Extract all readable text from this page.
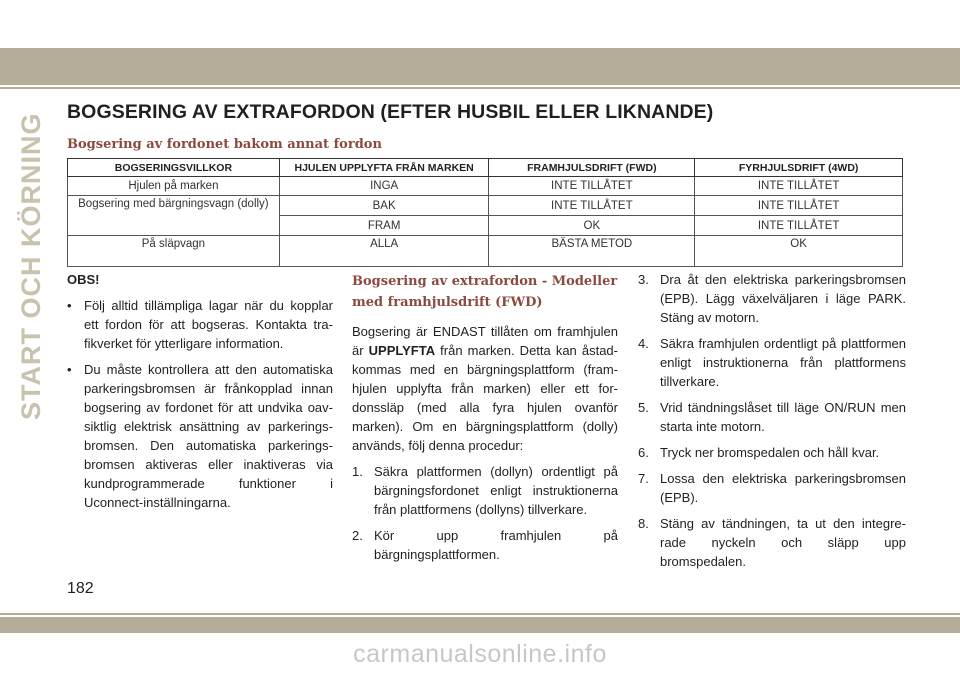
START OCH KÖRNING
BOGSERING AV EXTRAFORDON (EFTER HUSBIL ELLER LIKNANDE)
Bogsering av fordonet bakom annat fordon
BOGSERINGSVILLKOR	HJULEN UPPLYFTA FRÅN MARKEN	FRAMHJULSDRIFT (FWD)	FYRHJULSDRIFT (4WD)
Hjulen på marken	INGA	INTE TILLÅTET	INTE TILLÅTET
Bogsering med bärgningsvagn (dolly)	BAK	INTE TILLÅTET	INTE TILLÅTET
	FRAM	OK	INTE TILLÅTET
På släpvagn	ALLA	BÄSTA METOD	OK
OBS!
• Följ alltid tillämpliga lagar när du kopplar ett fordon för att bogseras. Kontakta trafikverket för ytterligare information.
• Du måste kontrollera att den automatiska parkeringsbromsen är frånkopplad innan bogsering av fordonet för att undvika oavsiktlig elektrisk ansättning av parkeringsbromsen. Den automatiska parkeringsbromsen aktiveras eller inaktiveras via kundprogrammerade funktioner i Uconnect-inställningarna.
Bogsering av extrafordon - Modeller med framhjulsdrift (FWD)
Bogsering är ENDAST tillåten om framhjulen är UPPLYFTA från marken. Detta kan åstadkommas med en bärgningsplattform (framhjulen upplyfta från marken) eller ett fordonssläp (med alla fyra hjulen ovanför marken). Om en bärgningsplattform (dolly) används, följ denna procedur:
1. Säkra plattformen (dollyn) ordentligt på bärgningsfordonet enligt instruktionerna från plattformens (dollyns) tillverkare.
2. Kör upp framhjulen på bärgningsplattformen.
3. Dra åt den elektriska parkeringsbromsen (EPB). Lägg växelväljaren i läge PARK. Stäng av motorn.
4. Säkra framhjulen ordentligt på plattformen enligt instruktionerna från plattformens tillverkare.
5. Vrid tändningslåset till läge ON/RUN men starta inte motorn.
6. Tryck ner bromspedalen och håll kvar.
7. Lossa den elektriska parkeringsbromsen (EPB).
8. Stäng av tändningen, ta ut den integrerade nyckeln och släpp upp bromspedalen.
182
carmanualsonline.info
